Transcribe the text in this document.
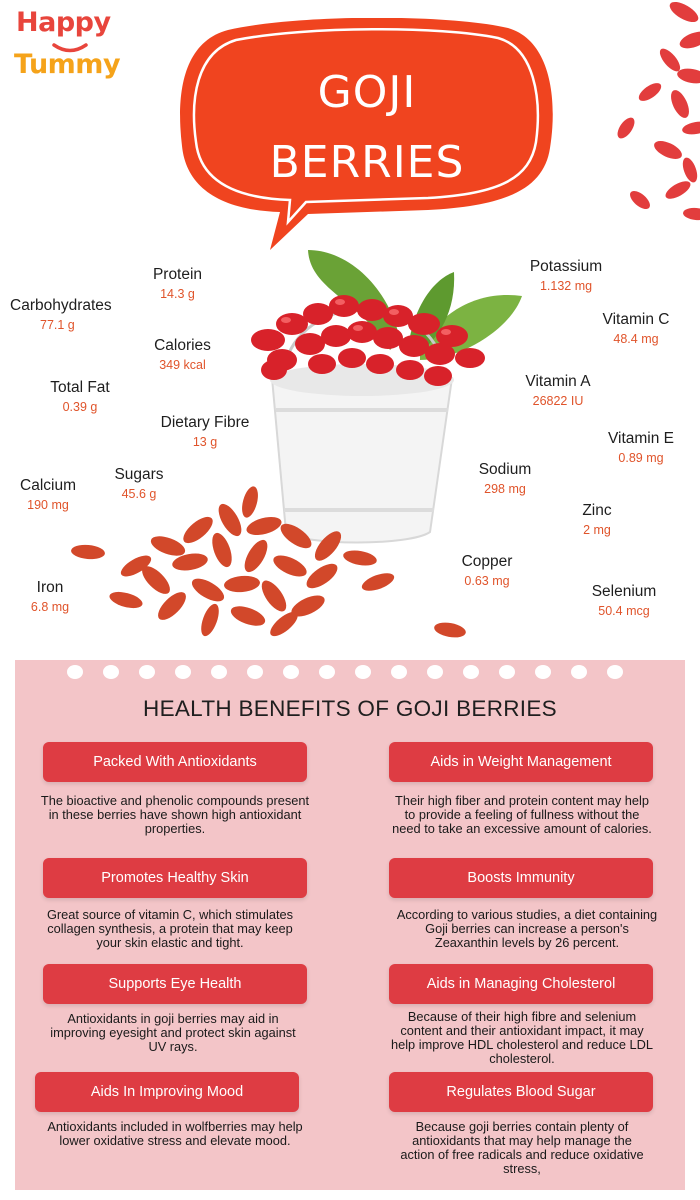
Happy
Tummy
GOJI
BERRIES
Protein
14.3 g
Carbohydrates
77.1 g
Calories
349 kcal
Total Fat
0.39 g
Dietary Fibre
13 g
Sugars
45.6 g
Calcium
190 mg
Iron
6.8 mg
Potassium
1.132 mg
Vitamin C
48.4 mg
Vitamin A
26822 IU
Vitamin E
0.89 mg
Sodium
298 mg
Zinc
2 mg
Copper
0.63 mg
Selenium
50.4 mcg
HEALTH BENEFITS OF GOJI BERRIES
Packed With Antioxidants
The bioactive and phenolic compounds present
in these berries have shown high antioxidant
properties.
Aids in Weight Management
Their high fiber and protein content may help
to provide a feeling of fullness without the
need to take an excessive amount of calories.
Promotes Healthy Skin
Great source of vitamin C, which stimulates
collagen synthesis, a protein that may keep
your skin elastic and tight.
Boosts Immunity
According to various studies, a diet containing
Goji berries can increase a person's
Zeaxanthin levels by 26 percent.
Supports Eye Health
Antioxidants in goji berries may aid in
improving eyesight and protect skin against
UV rays.
Aids in Managing Cholesterol
Because of their high fibre and selenium
content and their antioxidant impact, it may
help improve HDL cholesterol and reduce LDL
cholesterol.
Aids In Improving Mood
Antioxidants included in wolfberries may help
lower oxidative stress and elevate mood.
Regulates Blood Sugar
Because goji berries contain plenty of
antioxidants that may help manage the
action of free radicals and reduce oxidative
stress,
